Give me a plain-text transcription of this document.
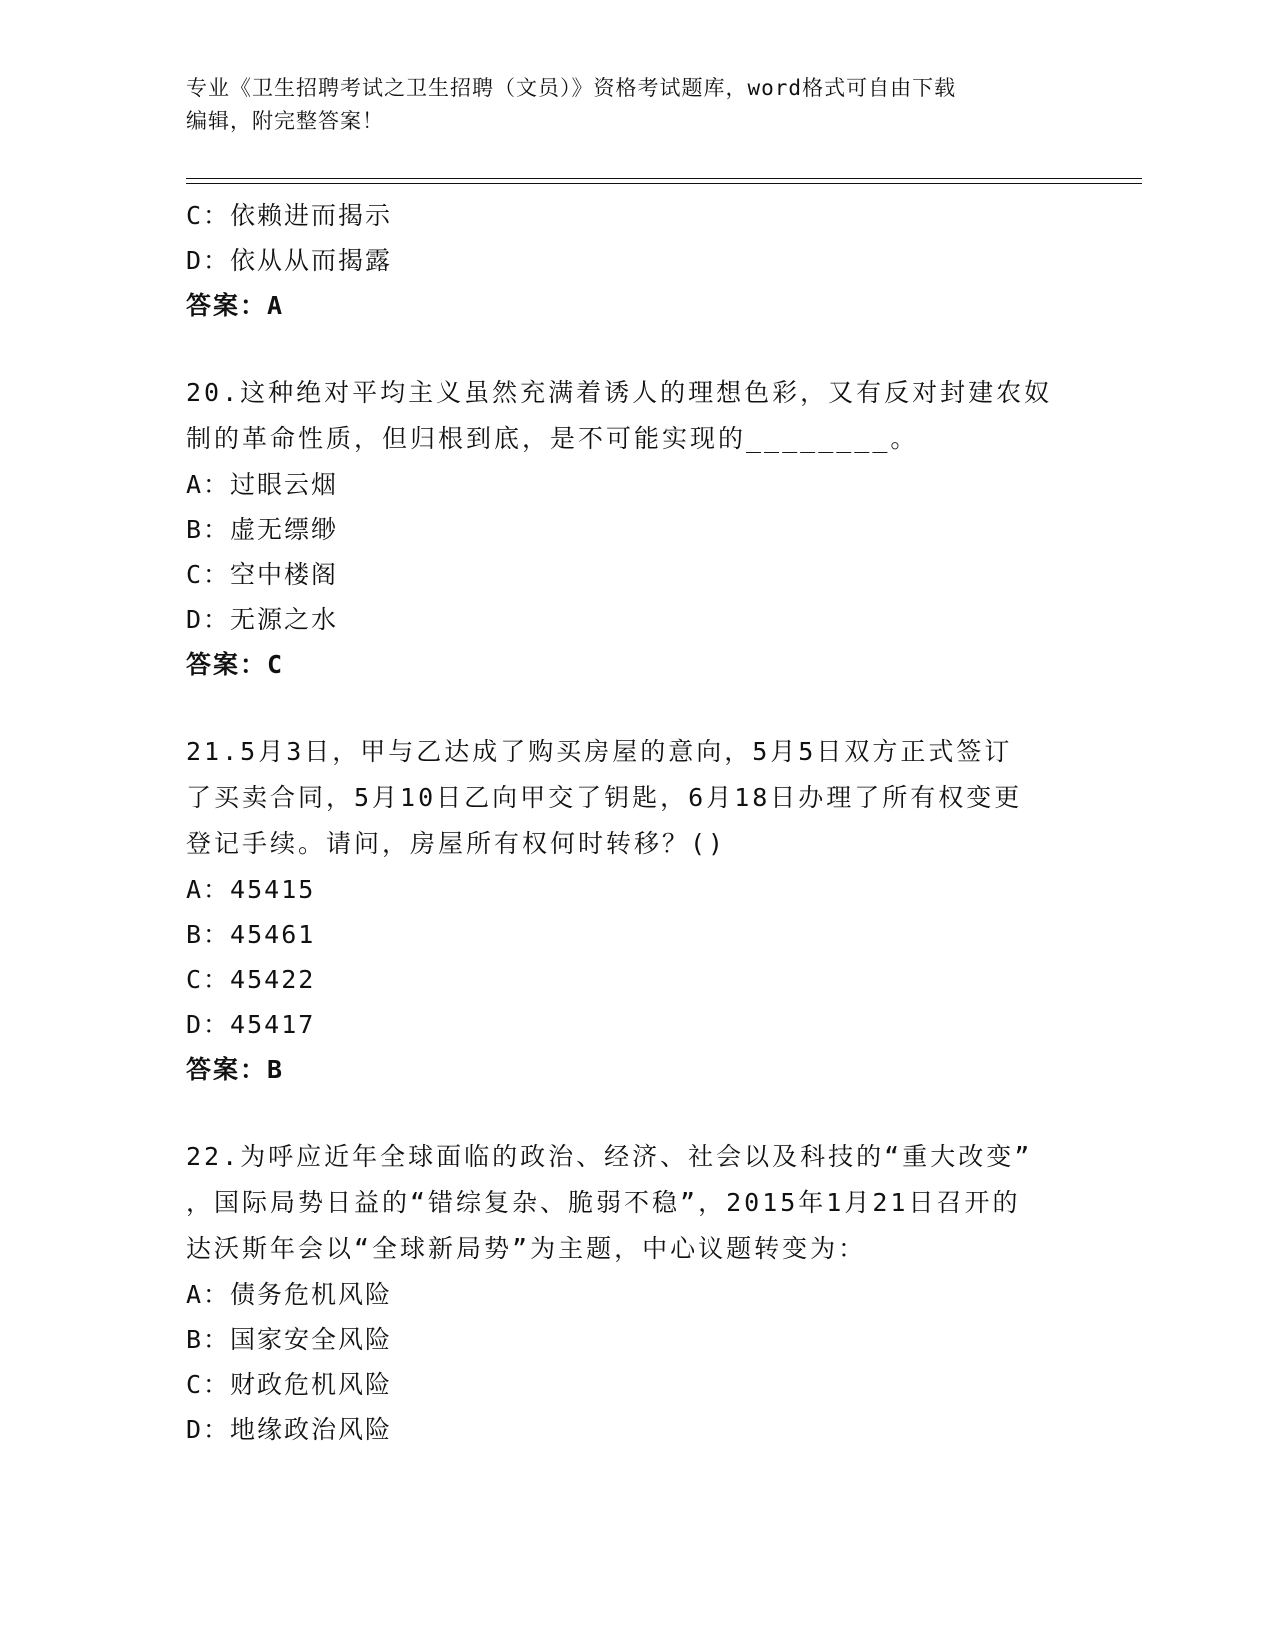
专业《卫生招聘考试之卫生招聘（文员）》资格考试题库，word格式可自由下载
编辑，附完整答案！
C：依赖进而揭示
D：依从从而揭露
答案：A

20.这种绝对平均主义虽然充满着诱人的理想色彩，又有反对封建农奴

制的革命性质，但归根到底，是不可能实现的________。

A：过眼云烟
B：虚无缥缈
C：空中楼阁
D：无源之水
答案：C

21.5月3日，甲与乙达成了购买房屋的意向，5月5日双方正式签订

了买卖合同，5月10日乙向甲交了钥匙，6月18日办理了所有权变更

登记手续。请问，房屋所有权何时转移？()

A：45415
B：45461
C：45422
D：45417
答案：B

22.为呼应近年全球面临的政治、经济、社会以及科技的“重大改变”

，国际局势日益的“错综复杂、脆弱不稳”，2015年1月21日召开的

达沃斯年会以“全球新局势”为主题，中心议题转变为：

A：债务危机风险
B：国家安全风险
C：财政危机风险
D：地缘政治风险
